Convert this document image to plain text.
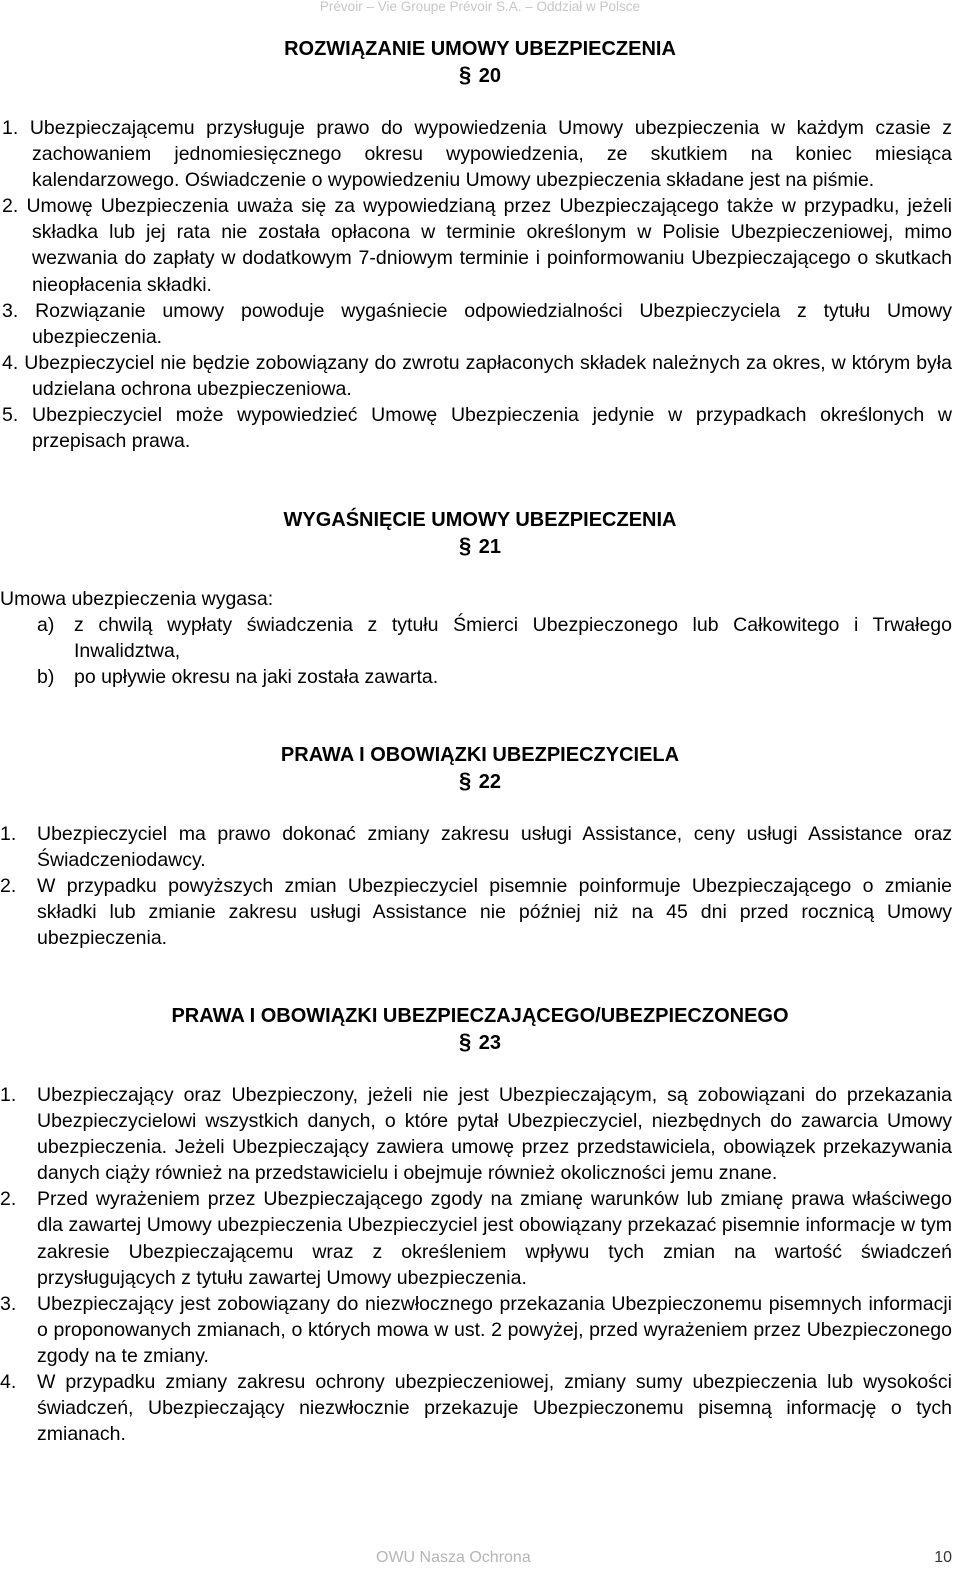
Prévoir – Vie Groupe Prévoir S.A. – Oddział w Polsce
ROZWIĄZANIE UMOWY UBEZPIECZENIA
§ 20
1. Ubezpieczającemu przysługuje prawo do wypowiedzenia Umowy ubezpieczenia w każdym czasie z zachowaniem jednomiesięcznego okresu wypowiedzenia, ze skutkiem na koniec miesiąca kalendarzowego. Oświadczenie o wypowiedzeniu Umowy ubezpieczenia składane jest na piśmie.
2. Umowę Ubezpieczenia uważa się za wypowiedzianą przez Ubezpieczającego także w przypadku, jeżeli składka lub jej rata nie została opłacona w terminie określonym w Polisie Ubezpieczeniowej, mimo wezwania do zapłaty w dodatkowym 7-dniowym terminie i poinformowaniu Ubezpieczającego o skutkach nieopłacenia składki.
3. Rozwiązanie umowy powoduje wygaśniecie odpowiedzialności Ubezpieczyciela z tytułu Umowy ubezpieczenia.
4. Ubezpieczyciel nie będzie zobowiązany do zwrotu zapłaconych składek należnych za okres, w którym była udzielana ochrona ubezpieczeniowa.
5. Ubezpieczyciel może wypowiedzieć Umowę Ubezpieczenia jedynie w przypadkach określonych w przepisach prawa.
WYGAŚNIĘCIE UMOWY UBEZPIECZENIA
§ 21
Umowa ubezpieczenia wygasa:
a)	z chwilą wypłaty świadczenia z tytułu Śmierci Ubezpieczonego lub Całkowitego i Trwałego Inwalidztwa,
b)	po upływie okresu na jaki została zawarta.
PRAWA I OBOWIĄZKI UBEZPIECZYCIELA
§ 22
1.	Ubezpieczyciel ma prawo dokonać zmiany zakresu usługi Assistance, ceny usługi Assistance oraz Świadczeniodawcy.
2.	W przypadku powyższych zmian Ubezpieczyciel pisemnie poinformuje Ubezpieczającego o zmianie składki lub zmianie zakresu usługi Assistance nie później niż na 45 dni przed rocznicą Umowy ubezpieczenia.
PRAWA I OBOWIĄZKI UBEZPIECZAJĄCEGO/UBEZPIECZONEGO
§ 23
1.	Ubezpieczający oraz Ubezpieczony, jeżeli nie jest Ubezpieczającym, są zobowiązani do przekazania Ubezpieczycielowi wszystkich danych, o które pytał Ubezpieczyciel, niezbędnych do zawarcia Umowy ubezpieczenia. Jeżeli Ubezpieczający zawiera umowę przez przedstawiciela, obowiązek przekazywania danych ciąży również na przedstawicielu i obejmuje również okoliczności jemu znane.
2.	Przed wyrażeniem przez Ubezpieczającego zgody na zmianę warunków lub zmianę prawa właściwego dla zawartej Umowy ubezpieczenia Ubezpieczyciel jest obowiązany przekazać pisemnie informacje w tym zakresie Ubezpieczającemu wraz z określeniem wpływu tych zmian na wartość świadczeń przysługujących z tytułu zawartej Umowy ubezpieczenia.
3.	Ubezpieczający jest zobowiązany do niezwłocznego przekazania Ubezpieczonemu pisemnych informacji o proponowanych zmianach, o których mowa w ust. 2 powyżej, przed wyrażeniem przez Ubezpieczonego zgody na te zmiany.
4.	W przypadku zmiany zakresu ochrony ubezpieczeniowej, zmiany sumy ubezpieczenia lub wysokości świadczeń, Ubezpieczający niezwłocznie przekazuje Ubezpieczonemu pisemną informację o tych zmianach.
OWU Nasza Ochrona	10
